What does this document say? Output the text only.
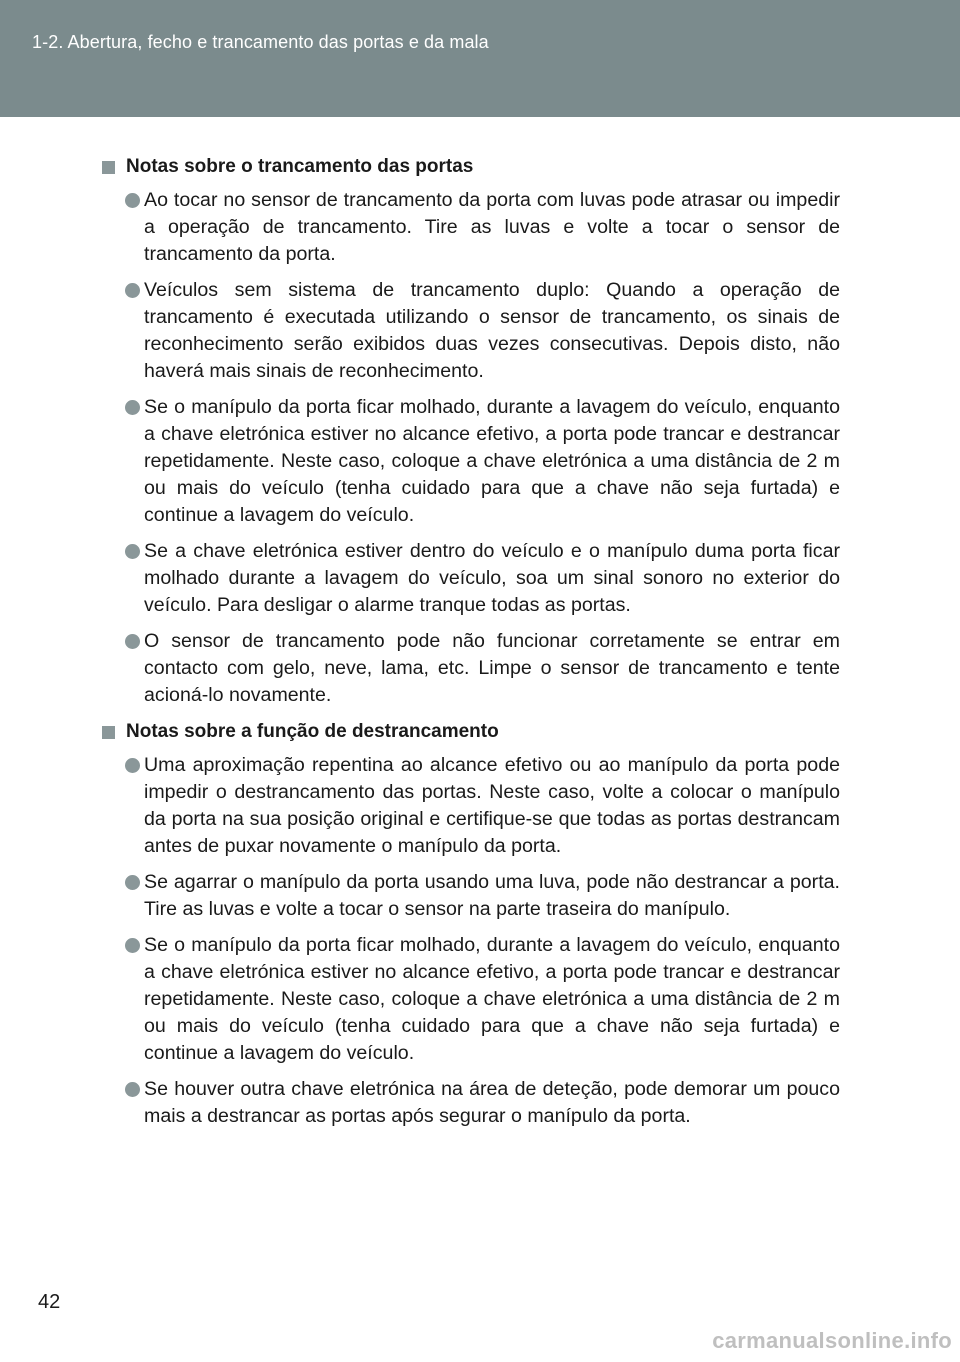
1-2. Abertura, fecho e trancamento das portas e da mala
Notas sobre o trancamento das portas
Ao tocar no sensor de trancamento da porta com luvas pode atrasar ou impedir a operação de trancamento. Tire as luvas e volte a tocar o sensor de trancamento da porta.
Veículos sem sistema de trancamento duplo: Quando a operação de trancamento é executada utilizando o sensor de trancamento, os sinais de reconhecimento serão exibidos duas vezes consecutivas. Depois disto, não haverá mais sinais de reconhecimento.
Se o manípulo da porta ficar molhado, durante a lavagem do veículo, enquanto a chave eletrónica estiver no alcance efetivo, a porta pode trancar e destrancar repetidamente. Neste caso, coloque a chave eletrónica a uma distância de 2 m ou mais do veículo (tenha cuidado para que a chave não seja furtada) e continue a lavagem do veículo.
Se a chave eletrónica estiver dentro do veículo e o manípulo duma porta ficar molhado durante a lavagem do veículo, soa um sinal sonoro no exterior do veículo. Para desligar o alarme tranque todas as portas.
O sensor de trancamento pode não funcionar corretamente se entrar em contacto com gelo, neve, lama, etc. Limpe o sensor de trancamento e tente acioná-lo novamente.
Notas sobre a função de destrancamento
Uma aproximação repentina ao alcance efetivo ou ao manípulo da porta pode impedir o destrancamento das portas. Neste caso, volte a colocar o manípulo da porta na sua posição original e certifique-se que todas as portas destrancam antes de puxar novamente o manípulo da porta.
Se agarrar o manípulo da porta usando uma luva, pode não destrancar a porta. Tire as luvas e volte a tocar o sensor na parte traseira do manípulo.
Se o manípulo da porta ficar molhado, durante a lavagem do veículo, enquanto a chave eletrónica estiver no alcance efetivo, a porta pode trancar e destrancar repetidamente. Neste caso, coloque a chave eletrónica a uma distância de 2 m ou mais do veículo (tenha cuidado para que a chave não seja furtada) e continue a lavagem do veículo.
Se houver outra chave eletrónica na área de deteção, pode demorar um pouco mais a destrancar as portas após segurar o manípulo da porta.
42
carmanualsonline.info
